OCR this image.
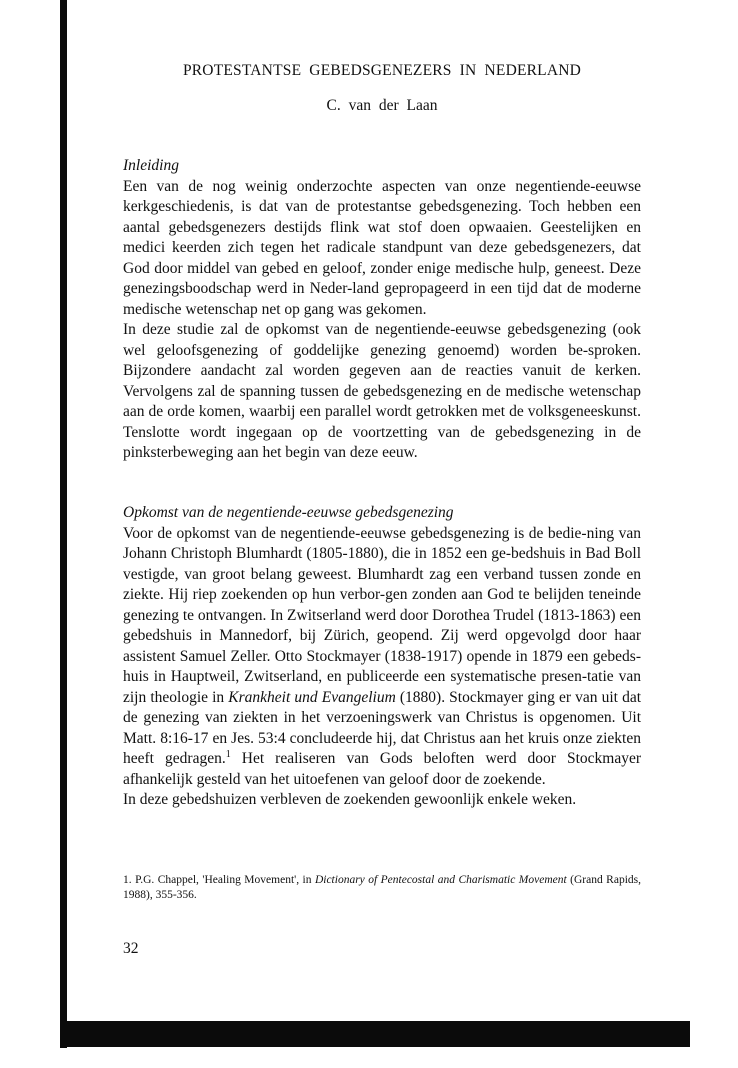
PROTESTANTSE GEBEDSGENEZERS IN NEDERLAND
C. van der Laan

Inleiding

Een van de nog weinig onderzochte aspecten van onze negentiende-eeuwse kerkgeschiedenis, is dat van de protestantse gebedsgenezing. Toch hebben een aantal gebedsgenezers destijds flink wat stof doen opwaaien. Geestelijken en medici keerden zich tegen het radicale standpunt van deze gebedsgenezers, dat God door middel van gebed en geloof, zonder enige medische hulp, geneest. Deze genezingsboodschap werd in Neder-land gepropageerd in een tijd dat de moderne medische wetenschap net op gang was gekomen.

In deze studie zal de opkomst van de negentiende-eeuwse gebedsgenezing (ook wel geloofsgenezing of goddelijke genezing genoemd) worden be-sproken. Bijzondere aandacht zal worden gegeven aan de reacties vanuit de kerken. Vervolgens zal de spanning tussen de gebedsgenezing en de medische wetenschap aan de orde komen, waarbij een parallel wordt getrokken met de volksgeneeskunst. Tenslotte wordt ingegaan op de voortzetting van de gebedsgenezing in de pinksterbeweging aan het begin van deze eeuw.

Opkomst van de negentiende-eeuwse gebedsgenezing

Voor de opkomst van de negentiende-eeuwse gebedsgenezing is de bedie-ning van Johann Christoph Blumhardt (1805-1880), die in 1852 een ge-bedshuis in Bad Boll vestigde, van groot belang geweest. Blumhardt zag een verband tussen zonde en ziekte. Hij riep zoekenden op hun verbor-gen zonden aan God te belijden teneinde genezing te ontvangen. In Zwitserland werd door Dorothea Trudel (1813-1863) een gebedshuis in Mannedorf, bij Zürich, geopend. Zij werd opgevolgd door haar assistent Samuel Zeller. Otto Stockmayer (1838-1917) opende in 1879 een gebeds-huis in Hauptweil, Zwitserland, en publiceerde een systematische presen-tatie van zijn theologie in Krankheit und Evangelium (1880). Stockmayer ging er van uit dat de genezing van ziekten in het verzoeningswerk van Christus is opgenomen. Uit Matt. 8:16-17 en Jes. 53:4 concludeerde hij, dat Christus aan het kruis onze ziekten heeft gedragen.$^1$ Het realiseren van Gods beloften werd door Stockmayer afhankelijk gesteld van het uitoefenen van geloof door de zoekende.

In deze gebedshuizen verbleven de zoekenden gewoonlijk enkele weken.

1. P.G. Chappel, 'Healing Movement', in Dictionary of Pentecostal and Charismatic Movement (Grand Rapids, 1988), 355-356.
32
